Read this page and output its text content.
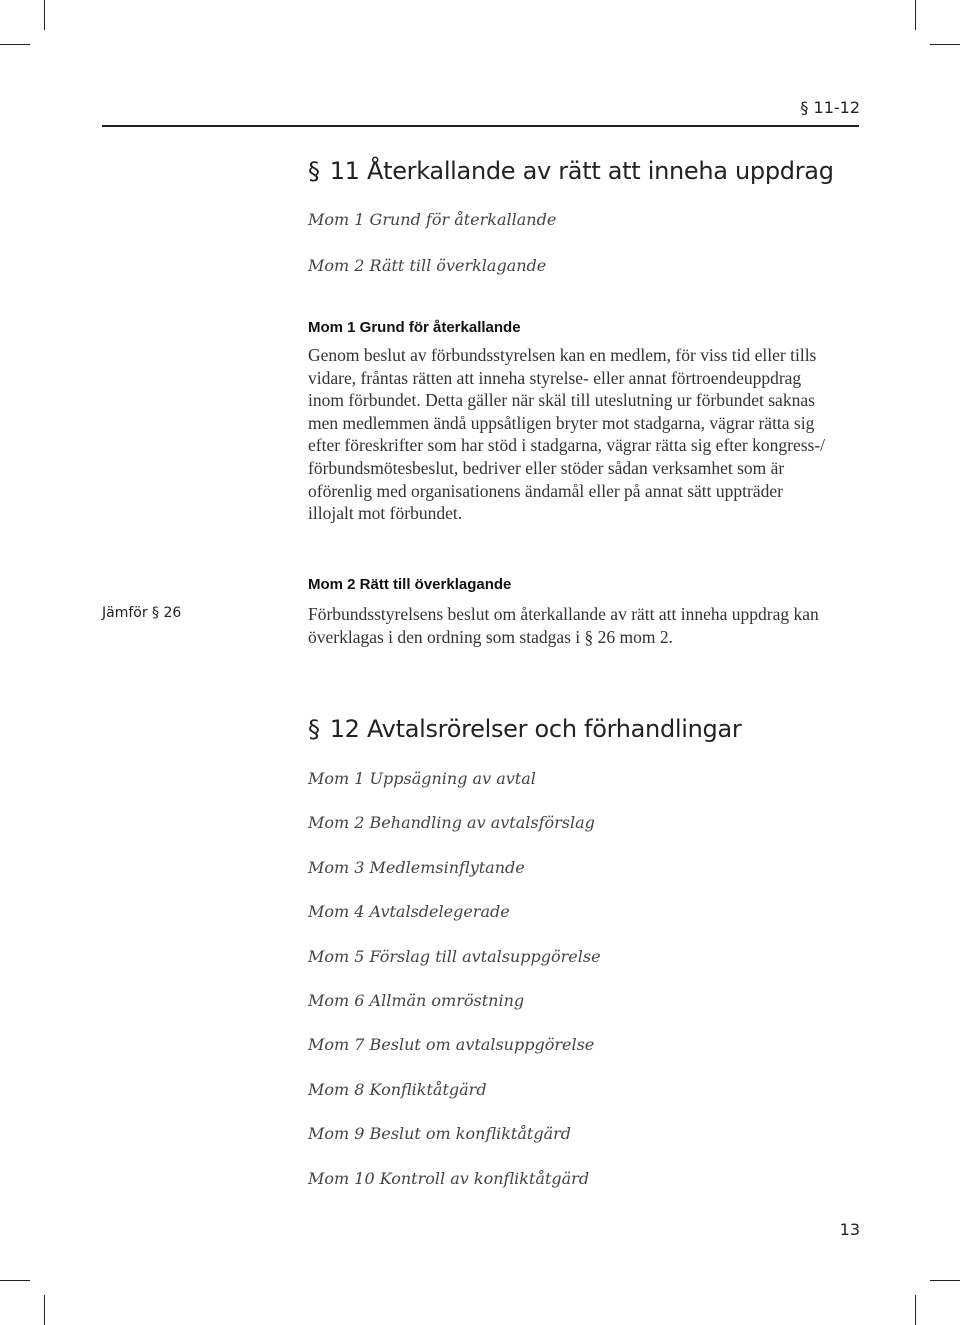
§ 11-12
§ 11 Återkallande av rätt att inneha uppdrag
Mom 1 Grund för återkallande
Mom 2 Rätt till överklagande
Mom 1 Grund för återkallande

Genom beslut av förbundsstyrelsen kan en medlem, för viss tid eller tills vidare, fråntas rätten att inneha styrelse- eller annat förtroendeuppdrag inom förbundet. Detta gäller när skäl till uteslutning ur förbundet saknas men medlemmen ändå uppsåtligen bryter mot stadgarna, vägrar rätta sig efter föreskrifter som har stöd i stadgarna, vägrar rätta sig efter kongress-/ förbundsmötesbeslut, bedriver eller stöder sådan verksamhet som är oförenlig med organisationens ändamål eller på annat sätt uppträder illojalt mot förbundet.

Mom 2 Rätt till överklagande
Jämför § 26	Förbundsstyrelsens beslut om återkallande av rätt att inneha uppdrag kan överklagas i den ordning som stadgas i § 26 mom 2.

§ 12 Avtalsrörelser och förhandlingar
Mom 1 Uppsägning av avtal
Mom 2 Behandling av avtalsförslag
Mom 3 Medlemsinflytande
Mom 4 Avtalsdelegerade
Mom 5 Förslag till avtalsuppgörelse
Mom 6 Allmän omröstning
Mom 7 Beslut om avtalsuppgörelse
Mom 8 Konfliktåtgärd
Mom 9 Beslut om konfliktåtgärd
Mom 10 Kontroll av konfliktåtgärd
13
